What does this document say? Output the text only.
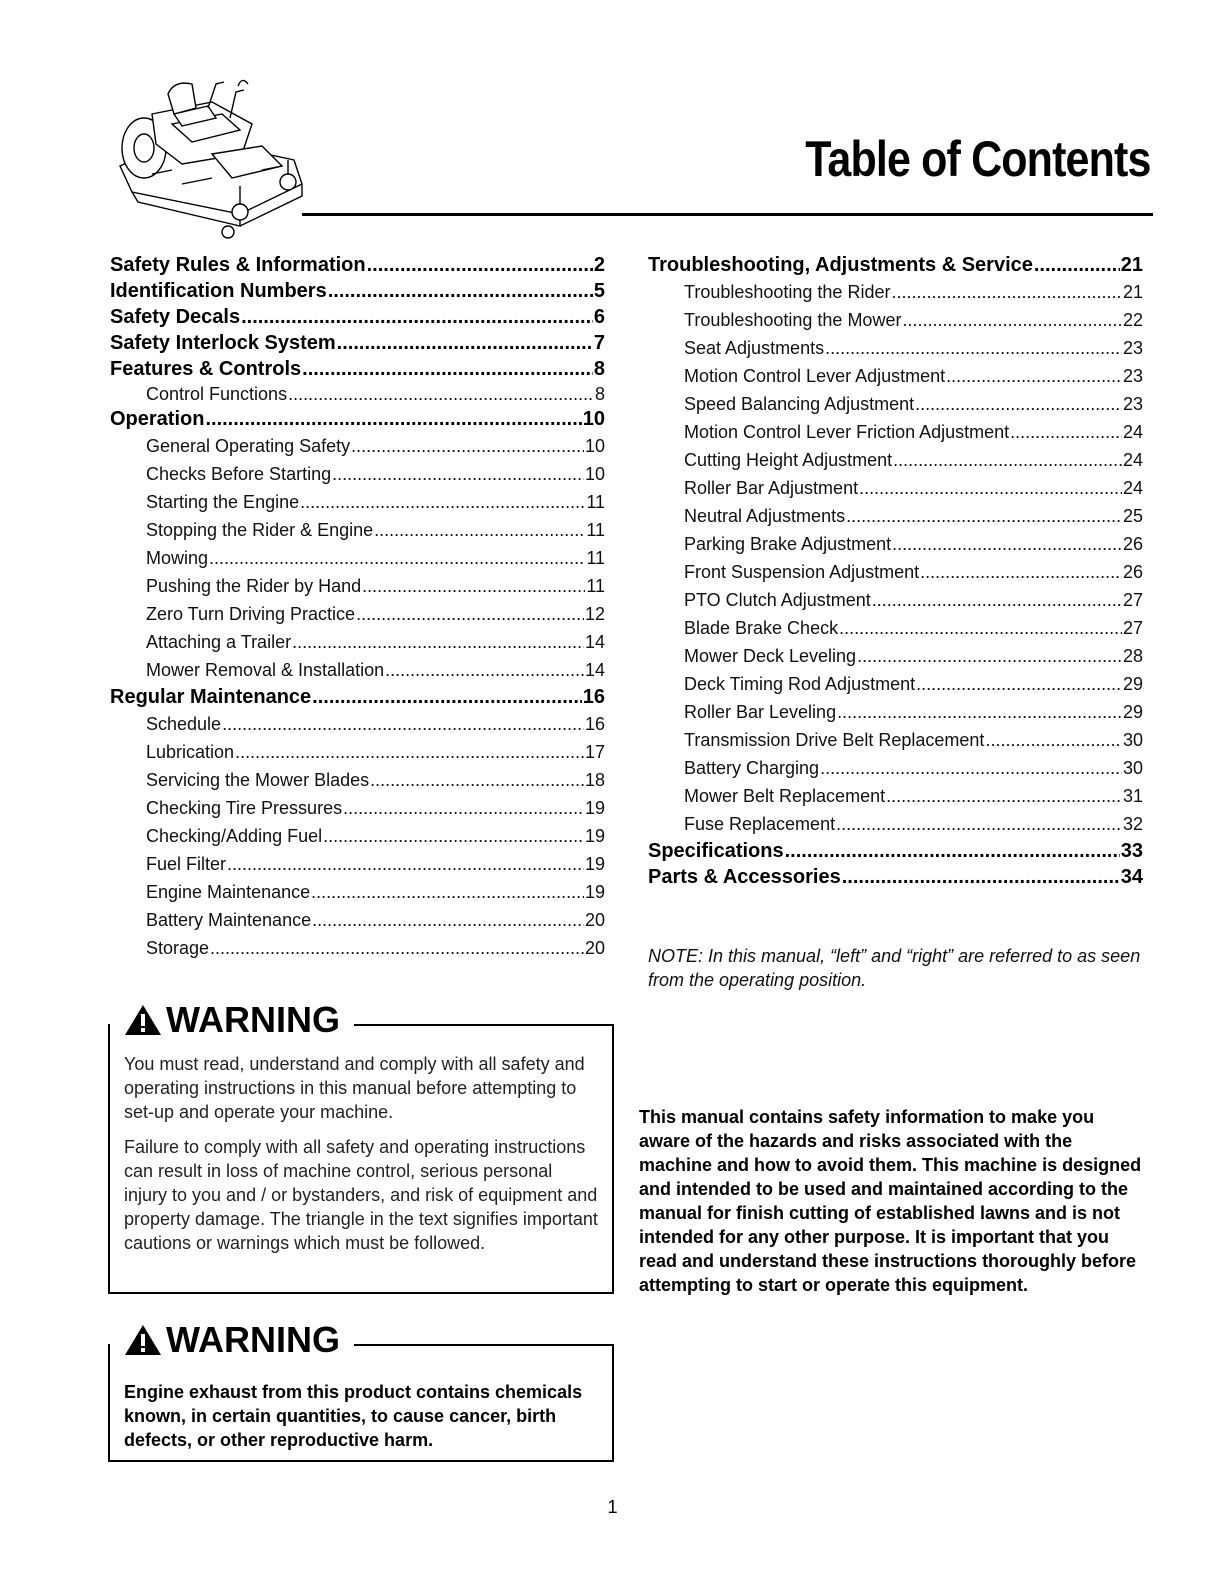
Table of Contents
Safety Rules & Information .....	2
Identification Numbers .....	5
Safety Decals .....	6
Safety Interlock System .....	7
Features & Controls .....	8
Control Functions .....	8
Operation .....	10
General Operating Safety .....	10
Checks Before Starting .....	10
Starting the Engine .....	11
Stopping the Rider & Engine .....	11
Mowing .....	11
Pushing the Rider by Hand .....	11
Zero Turn Driving Practice .....	12
Attaching a Trailer .....	14
Mower Removal & Installation .....	14
Regular Maintenance .....	16
Schedule .....	16
Lubrication .....	17
Servicing the Mower Blades .....	18
Checking Tire Pressures .....	19
Checking/Adding Fuel .....	19
Fuel Filter .....	19
Engine Maintenance .....	19
Battery Maintenance .....	20
Storage .....	20
Troubleshooting, Adjustments & Service .....	21
Troubleshooting the Rider .....	21
Troubleshooting the Mower .....	22
Seat Adjustments .....	23
Motion Control Lever Adjustment .....	23
Speed Balancing Adjustment .....	23
Motion Control Lever Friction Adjustment .....	24
Cutting Height Adjustment .....	24
Roller Bar Adjustment .....	24
Neutral Adjustments .....	25
Parking Brake Adjustment .....	26
Front Suspension Adjustment .....	26
PTO Clutch Adjustment .....	27
Blade Brake Check .....	27
Mower Deck Leveling .....	28
Deck Timing Rod Adjustment .....	29
Roller Bar Leveling .....	29
Transmission Drive Belt Replacement .....	30
Battery Charging .....	30
Mower Belt Replacement .....	31
Fuse Replacement .....	32
Specifications .....	33
Parts & Accessories .....	34
NOTE: In this manual, “left” and “right” are referred to as seen from the operating position.
WARNING

You must read, understand and comply with all safety and operating instructions in this manual before attempting to set-up and operate your machine.

Failure to comply with all safety and operating instructions can result in loss of machine control, serious personal injury to you and / or bystanders, and risk of equipment and property damage. The triangle in the text signifies important cautions or warnings which must be followed.

WARNING
Engine exhaust from this product contains chemicals known, in certain quantities, to cause cancer, birth defects, or other reproductive harm.
This manual contains safety information to make you aware of the hazards and risks associated with the machine and how to avoid them. This machine is designed and intended to be used and maintained according to the manual for finish cutting of established lawns and is not intended for any other purpose. It is important that you read and understand these instructions thoroughly before attempting to start or operate this equipment.
1
